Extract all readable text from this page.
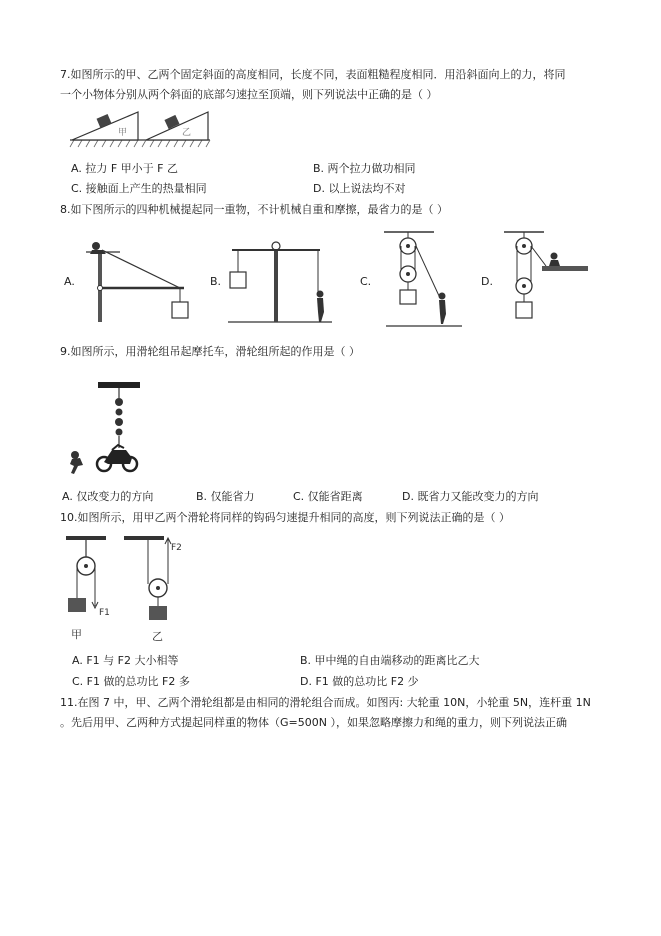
7.如图所示的甲、乙两个固定斜面的高度相同，长度不同，表面粗糙程度相同．用沿斜面向上的力，将同
一个小物体分别从两个斜面的底部匀速拉至顶端，则下列说法中正确的是（ ）
甲	乙
A. 拉力 F 甲小于 F 乙	B. 两个拉力做功相同
C. 接触面上产生的热量相同	D. 以上说法均不对
8.如下图所示的四种机械提起同一重物，不计机械自重和摩擦，最省力的是（ ）
A.	B.	C.	D.
9.如图所示，用滑轮组吊起摩托车，滑轮组所起的作用是（ ）
A. 仅改变力的方向	B. 仅能省力	C. 仅能省距离	D. 既省力又能改变力的方向
10.如图所示，用甲乙两个滑轮将同样的钩码匀速提升相同的高度，则下列说法正确的是（ ）
F1
甲
F2
乙
A. F1 与 F2 大小相等	B. 甲中绳的自由端移动的距离比乙大
C. F1 做的总功比 F2 多	D. F1 做的总功比 F2 少
11.在图 7 中，甲、乙两个滑轮组都是由相同的滑轮组合而成。如图丙: 大轮重 10N，小轮重 5N，连杆重 1N
。先后用甲、乙两种方式提起同样重的物体（G=500N ），如果忽略摩擦力和绳的重力，则下列说法正确
